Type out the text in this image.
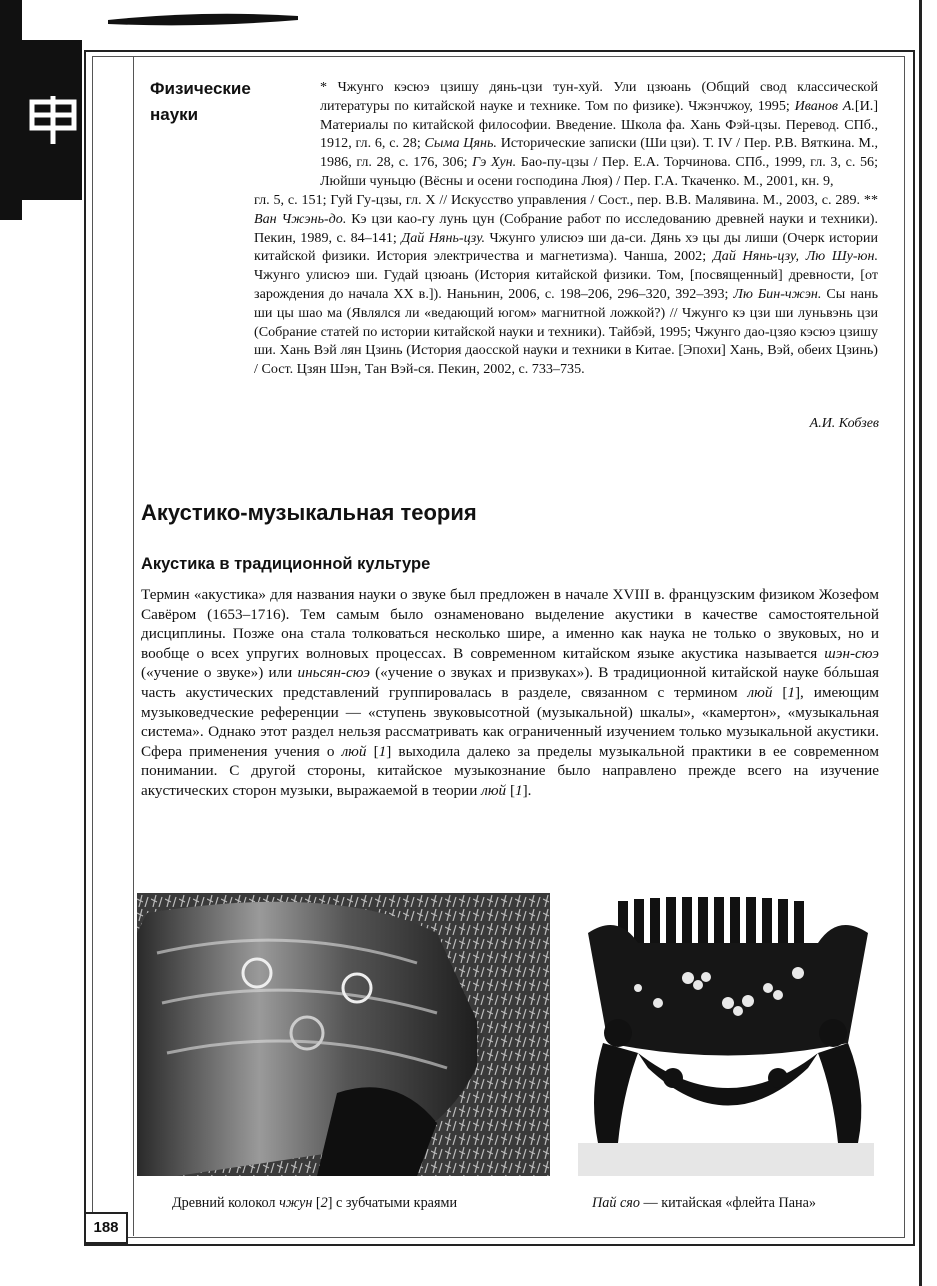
Физические
науки
* Чжунго кэсюэ цзишу дянь-цзи тун-хуй. Ули цзюань (Общий свод классической литературы по китайской науке и технике. Том по физике). Чжэнчжоу, 1995; Иванов А.[И.] Материалы по китайской философии. Введение. Школа фа. Хань Фэй-цзы. Перевод. СПб., 1912, гл. 6, с. 28; Сыма Цянь. Исторические записки (Ши цзи). Т. IV / Пер. Р.В. Вяткина. М., 1986, гл. 28, с. 176, 306; Гэ Хун. Бао-пу-цзы / Пер. Е.А. Торчинова. СПб., 1999, гл. 3, с. 56; Люйши чуньцю (Вёсны и осени господина Люя) / Пер. Г.А. Ткаченко. М., 2001, кн. 9,
гл. 5, с. 151; Гуй Гу-цзы, гл. Х // Искусство управления / Сост., пер. В.В. Малявина. М., 2003, с. 289. ** Ван Чжэнь-до. Кэ цзи као-гу лунь цун (Собрание работ по исследованию древней науки и техники). Пекин, 1989, с. 84–141; Дай Нянь-цзу. Чжунго улисюэ ши да-си. Дянь хэ цы ды лиши (Очерк истории китайской физики. История электричества и магнетизма). Чанша, 2002; Дай Нянь-цзу, Лю Шу-юн. Чжунго улисюэ ши. Гудай цзюань (История китайской физики. Том, [посвященный] древности, [от зарождения до начала XX в.]). Наньнин, 2006, с. 198–206, 296–320, 392–393; Лю Бин-чжэн. Сы нань ши цы шао ма (Являлся ли «ведающий югом» магнитной ложкой?) // Чжунго кэ цзи ши луньвэнь цзи (Собрание статей по истории китайской науки и техники). Тайбэй, 1995; Чжунго дао-цзяо кэсюэ цзишу ши. Хань Вэй лян Цзинь (История даосской науки и техники в Китае. [Эпохи] Хань, Вэй, обеих Цзинь) / Сост. Цзян Шэн, Тан Вэй-ся. Пекин, 2002, с. 733–735.
А.И. Кобзев
Акустико-музыкальная теория
Акустика в традиционной культуре
Термин «акустика» для названия науки о звуке был предложен в начале XVIII в. французским физиком Жозефом Савёром (1653–1716). Тем самым было ознаменовано выделение акустики в качестве самостоятельной дисциплины. Позже она стала толковаться несколько шире, а именно как наука не только о звуковых, но и вообще о всех упругих волновых процессах. В современном китайском языке акустика называется шэн-сюэ («учение о звуке») или иньсян-сюэ («учение о звуках и призвуках»). В традиционной китайской науке бóльшая часть акустических представлений группировалась в разделе, связанном с термином люй [1], имеющим музыковедческие референции — «ступень звуковысотной (музыкальной) шкалы», «камертон», «музыкальная система». Однако этот раздел нельзя рассматривать как ограниченный изучением только музыкальной акустики. Сфера применения учения о люй [1] выходила далеко за пределы музыкальной практики в ее современном понимании. С другой стороны, китайское музыкознание было направлено прежде всего на изучение акустических сторон музыки, выражаемой в теории люй [1].
Древний колокол чжун [2] с зубчатыми краями	Пай сяо — китайская «флейта Пана»
188
